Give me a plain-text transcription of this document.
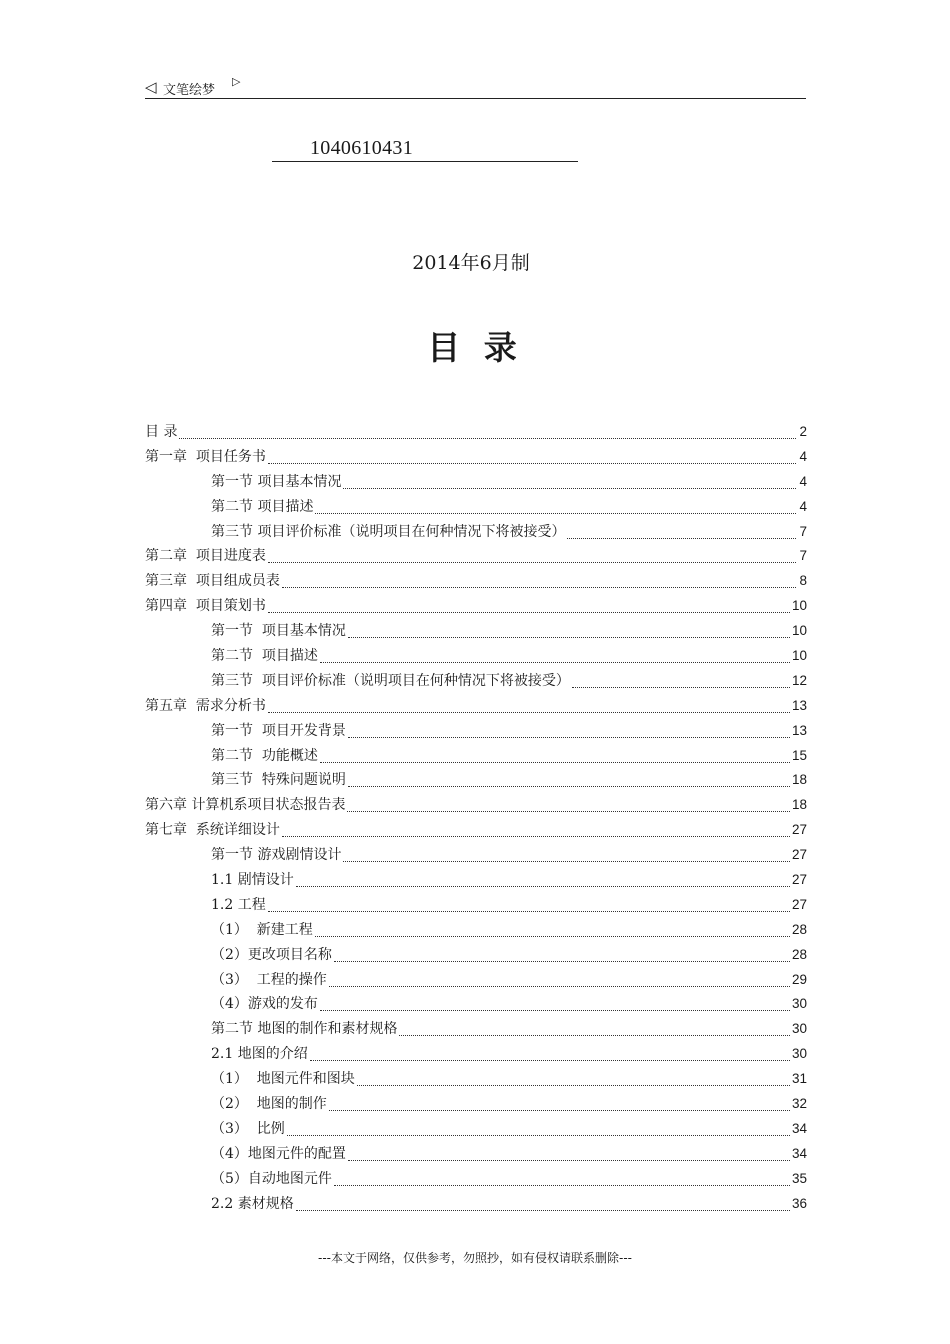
◁ 文笔绘梦
▷
1040610431
2014年6月制
目 录
目 录	2
第一章  项目任务书	4
第一节 项目基本情况	4
第二节 项目描述	4
第三节 项目评价标准（说明项目在何种情况下将被接受）	7
第二章  项目进度表	7
第三章  项目组成员表	8
第四章  项目策划书	10
第一节  项目基本情况	10
第二节  项目描述	10
第三节  项目评价标准（说明项目在何种情况下将被接受）	12
第五章  需求分析书	13
第一节  项目开发背景	13
第二节  功能概述	15
第三节  特殊问题说明	18
第六章 计算机系项目状态报告表	18
第七章  系统详细设计	27
第一节 游戏剧情设计	27
1.1 剧情设计	27
1.2 工程	27
（1）  新建工程	28
（2）更改项目名称	28
（3）  工程的操作	29
（4）游戏的发布	30
第二节 地图的制作和素材规格	30
2.1 地图的介绍	30
（1）  地图元件和图块	31
（2）  地图的制作	32
（3）  比例	34
（4）地图元件的配置	34
（5）自动地图元件	35
2.2 素材规格	36
---本文于网络，仅供参考，勿照抄，如有侵权请联系删除---
